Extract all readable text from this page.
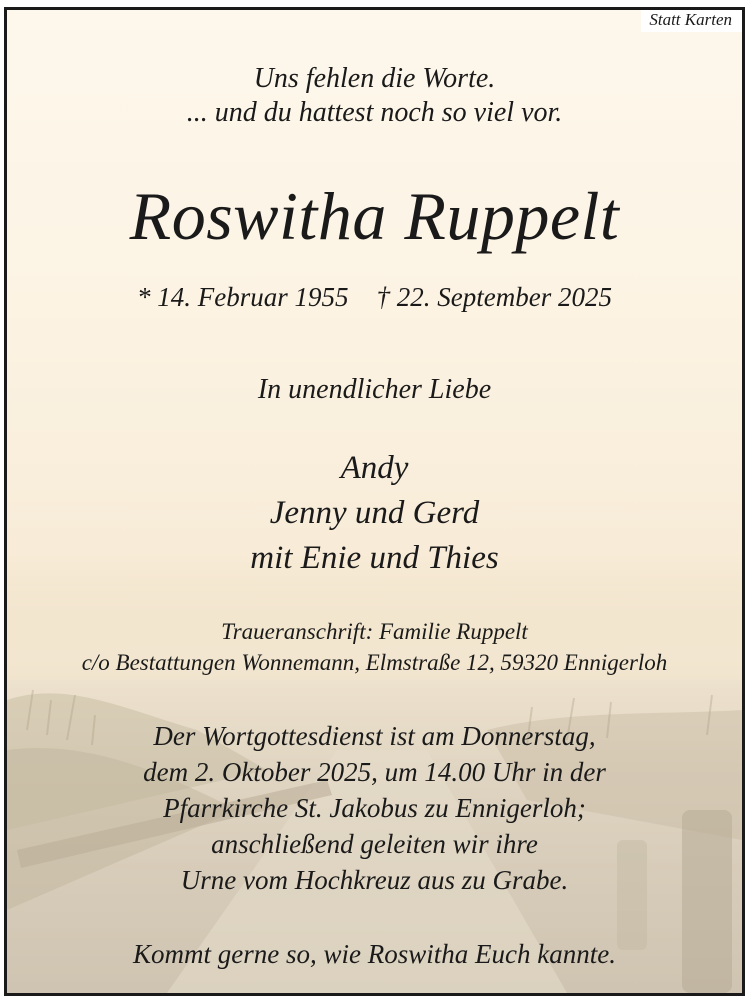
Statt Karten
Uns fehlen die Worte.
... und du hattest noch so viel vor.
Roswitha Ruppelt
* 14. Februar 1955 † 22. September 2025
In unendlicher Liebe
Andy
Jenny und Gerd
mit Enie und Thies
Traueranschrift: Familie Ruppelt
c/o Bestattungen Wonnemann, Elmstraße 12, 59320 Ennigerloh
Der Wortgottesdienst ist am Donnerstag,
dem 2. Oktober 2025, um 14.00 Uhr in der
Pfarrkirche St. Jakobus zu Ennigerloh;
anschließend geleiten wir ihre
Urne vom Hochkreuz aus zu Grabe.
Kommt gerne so, wie Roswitha Euch kannte.
